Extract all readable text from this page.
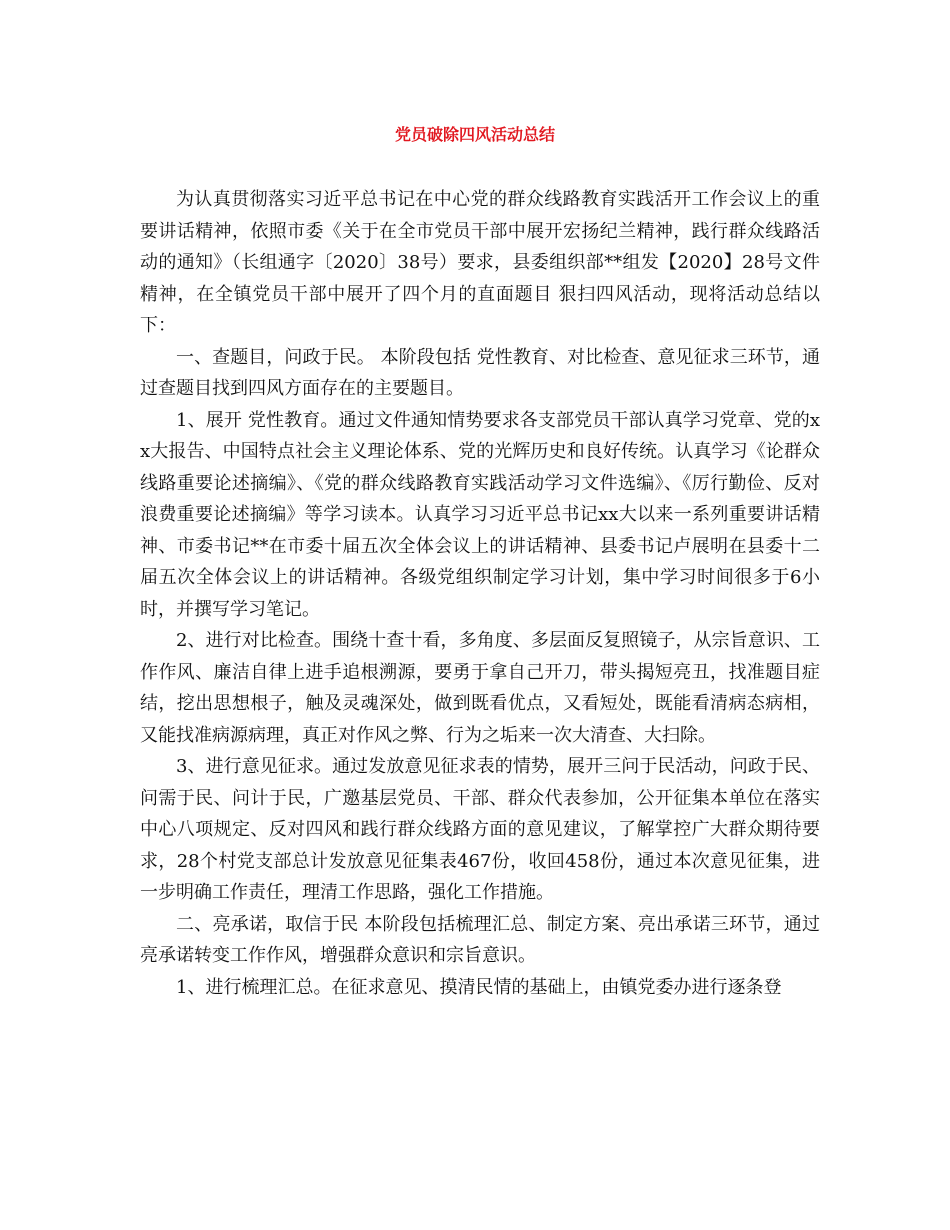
党员破除四风活动总结

为认真贯彻落实习近平总书记在中心党的群众线路教育实践活开工作会议上的重要讲话精神，依照市委《关于在全市党员干部中展开宏扬纪兰精神，践行群众线路活动的通知》（长组通字〔2020〕38号）要求，县委组织部**组发【2020】28号文件精神，在全镇党员干部中展开了四个月的直面题目 狠扫四风活动，现将活动总结以下：

一、查题目，问政于民。 本阶段包括 党性教育、对比检查、意见征求三环节，通过查题目找到四风方面存在的主要题目。

1、展开 党性教育。通过文件通知情势要求各支部党员干部认真学习党章、党的xx大报告、中国特点社会主义理论体系、党的光辉历史和良好传统。认真学习《论群众线路重要论述摘编》、《党的群众线路教育实践活动学习文件选编》、《厉行勤俭、反对浪费重要论述摘编》等学习读本。认真学习习近平总书记xx大以来一系列重要讲话精神、市委书记**在市委十届五次全体会议上的讲话精神、县委书记卢展明在县委十二届五次全体会议上的讲话精神。各级党组织制定学习计划，集中学习时间很多于6小时，并撰写学习笔记。

2、进行对比检查。围绕十查十看，多角度、多层面反复照镜子，从宗旨意识、工作作风、廉洁自律上进手追根溯源，要勇于拿自己开刀，带头揭短亮丑，找准题目症结，挖出思想根子，触及灵魂深处，做到既看优点，又看短处，既能看清病态病相，又能找准病源病理，真正对作风之弊、行为之垢来一次大清查、大扫除。

3、进行意见征求。通过发放意见征求表的情势，展开三问于民活动，问政于民、问需于民、问计于民，广邀基层党员、干部、群众代表参加，公开征集本单位在落实中心八项规定、反对四风和践行群众线路方面的意见建议，了解掌控广大群众期待要求，28个村党支部总计发放意见征集表467份，收回458份，通过本次意见征集，进一步明确工作责任，理清工作思路，强化工作措施。

二、亮承诺，取信于民 本阶段包括梳理汇总、制定方案、亮出承诺三环节，通过亮承诺转变工作作风，增强群众意识和宗旨意识。

1、进行梳理汇总。在征求意见、摸清民情的基础上，由镇党委办进行逐条登
